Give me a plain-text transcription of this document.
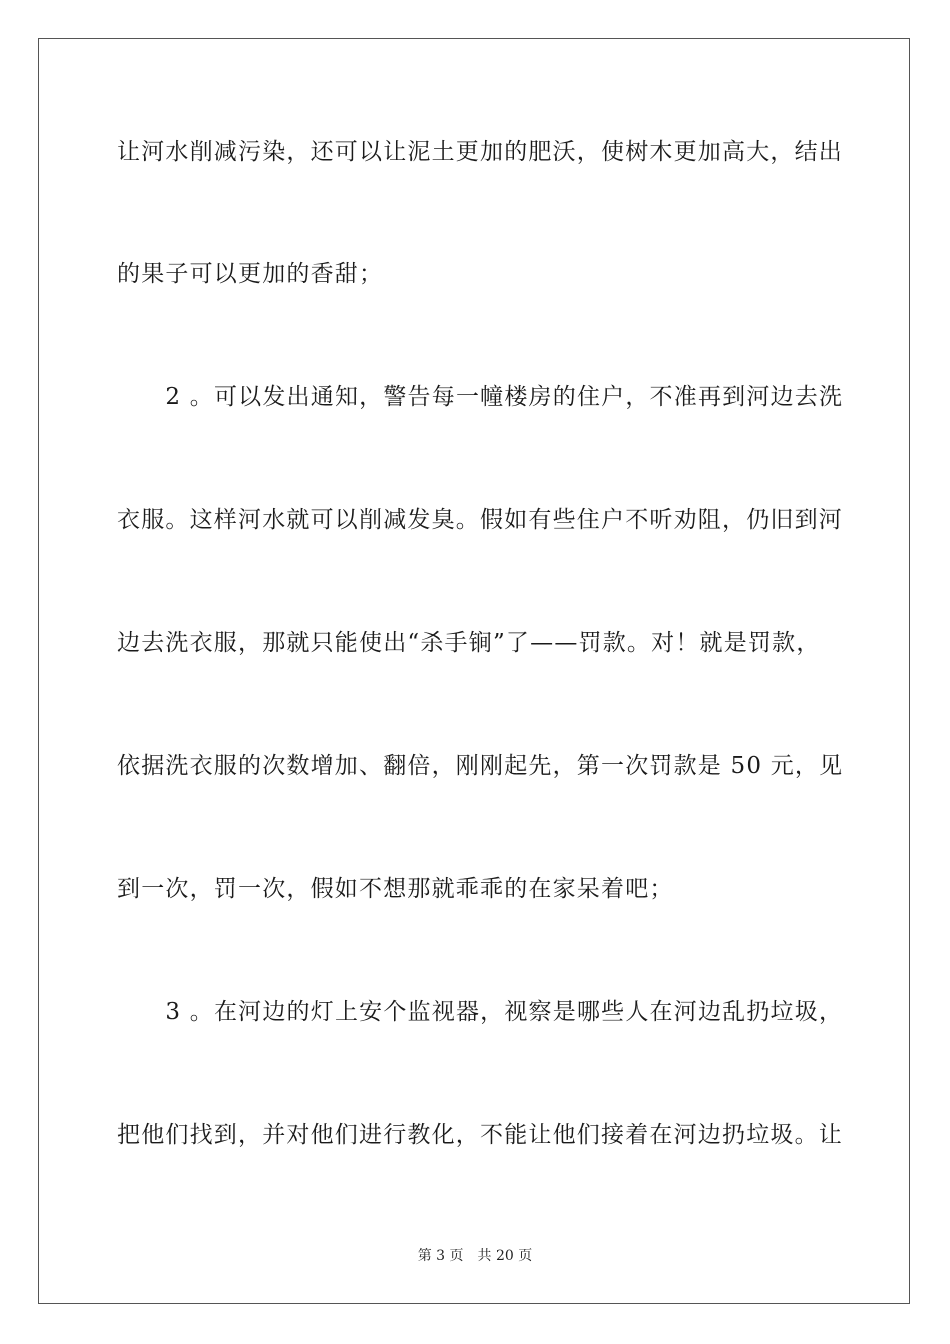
让河水削减污染，还可以让泥土更加的肥沃，使树木更加高大，结出
的果子可以更加的香甜；
　　2 。可以发出通知，警告每一幢楼房的住户，不准再到河边去洗
衣服。这样河水就可以削减发臭。假如有些住户不听劝阻，仍旧到河
边去洗衣服，那就只能使出“杀手锏”了——罚款。对！就是罚款，
依据洗衣服的次数增加、翻倍，刚刚起先，第一次罚款是 50 元，见
到一次，罚一次，假如不想那就乖乖的在家呆着吧；
　　3 。在河边的灯上安个监视器，视察是哪些人在河边乱扔垃圾，
把他们找到，并对他们进行教化，不能让他们接着在河边扔垃圾。让
第 3 页 共 20 页
